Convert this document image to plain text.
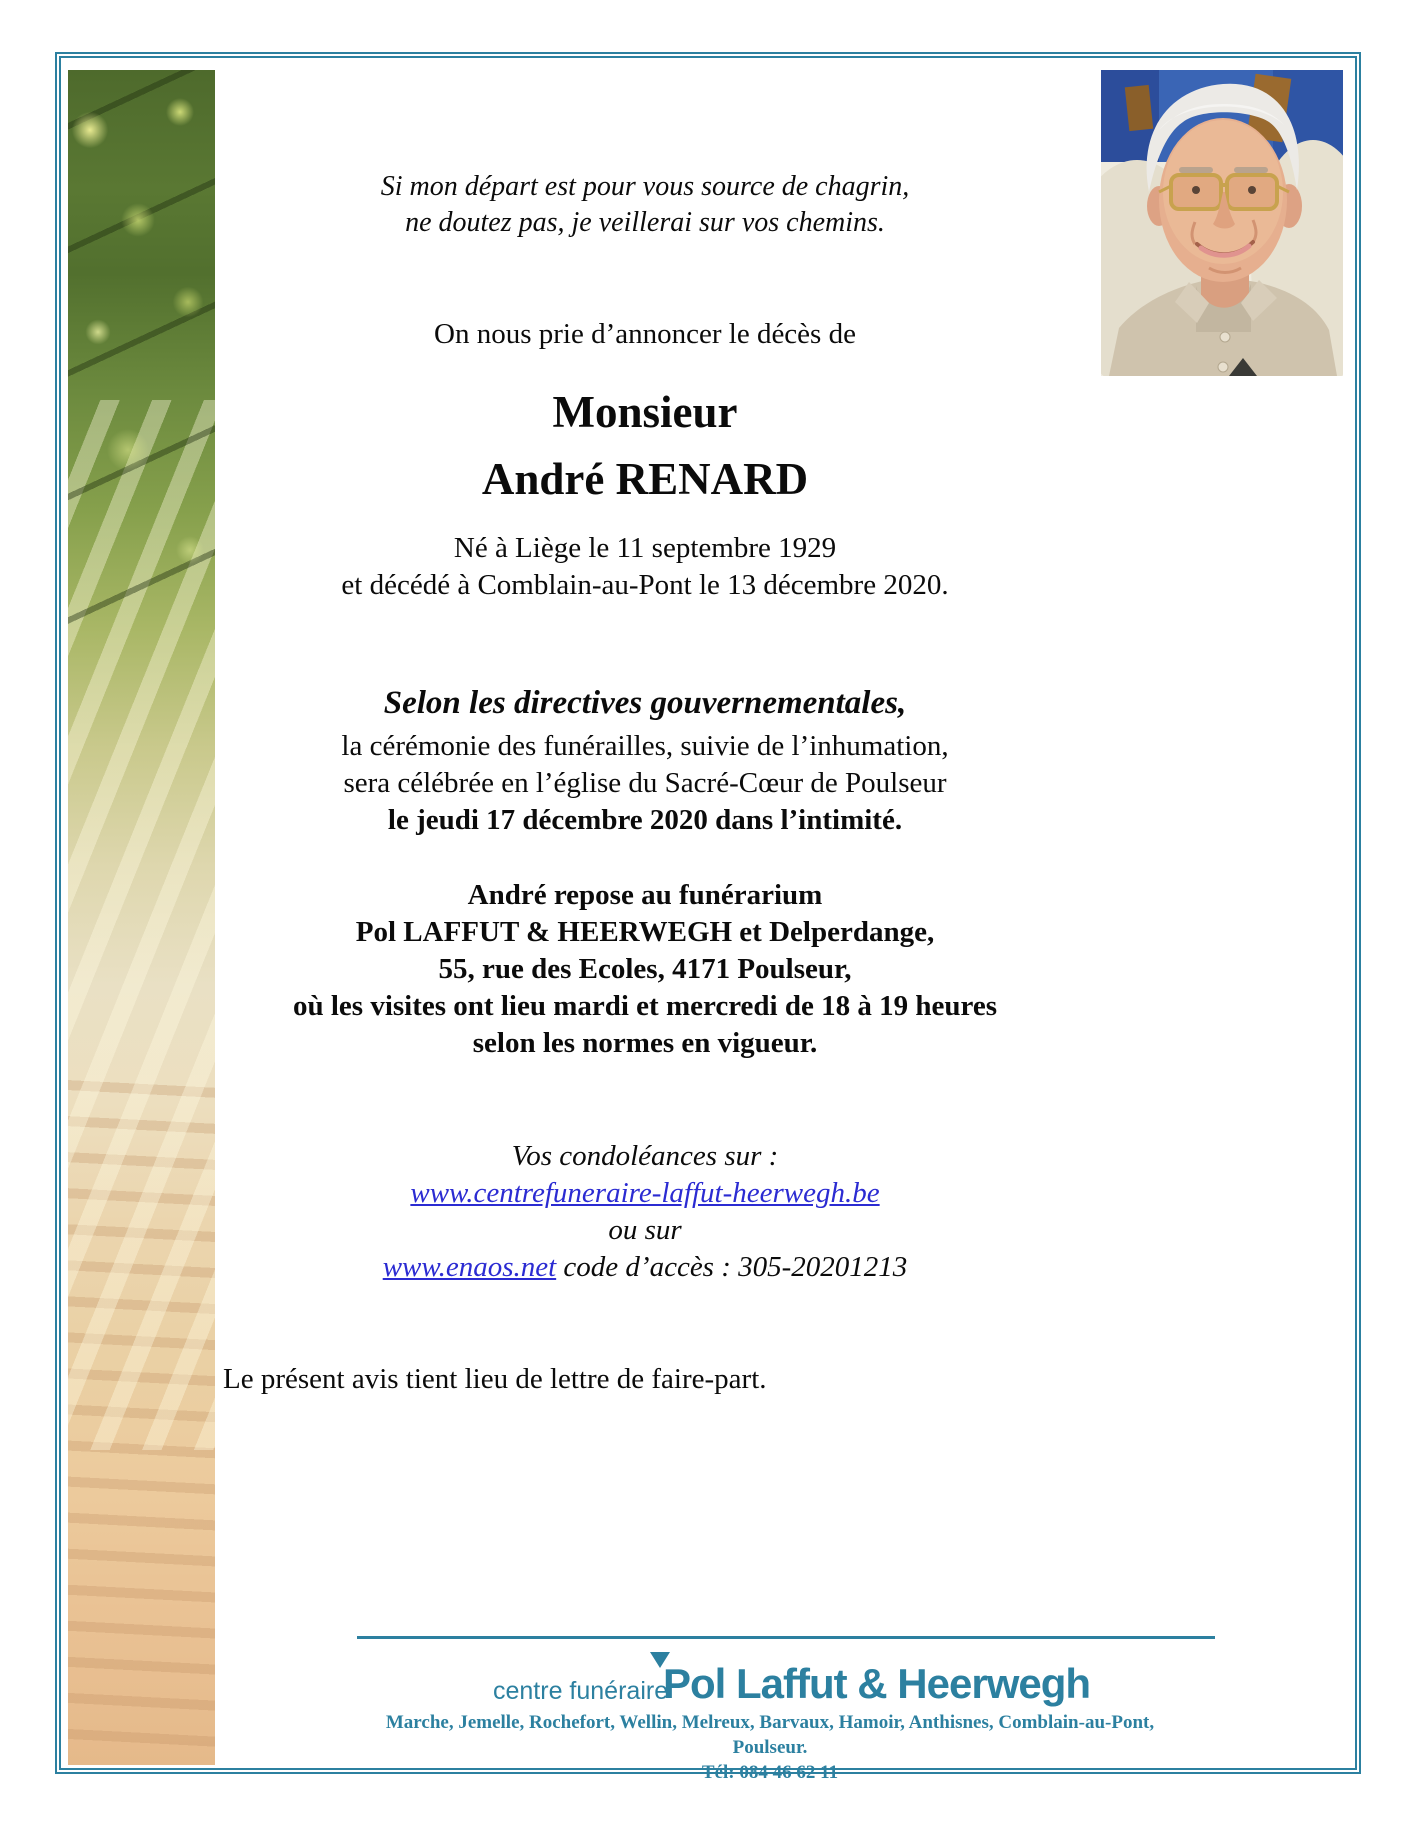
Si mon départ est pour vous source de chagrin,
ne doutez pas, je veillerai sur vos chemins.
On nous prie d’annoncer le décès de
Monsieur
André RENARD
Né à Liège le 11 septembre 1929
et décédé à Comblain-au-Pont le 13 décembre 2020.
Selon les directives gouvernementales,
la cérémonie des funérailles, suivie de l’inhumation,
sera célébrée en l’église du Sacré-Cœur de Poulseur
le jeudi 17 décembre 2020 dans l’intimité.
André repose au funérarium
Pol LAFFUT & HEERWEGH et Delperdange,
55, rue des Ecoles, 4171 Poulseur,
où les visites ont lieu mardi et mercredi de 18 à 19 heures
selon les normes en vigueur.
Vos condoléances sur :
www.centrefuneraire-laffut-heerwegh.be
ou sur
www.enaos.net code d’accès : 305-20201213
Le présent avis tient lieu de lettre de faire-part.
centre funéraire
Pol Laffut & Heerwegh
Marche, Jemelle, Rochefort, Wellin, Melreux, Barvaux, Hamoir, Anthisnes, Comblain-au-Pont, Poulseur.
Tél: 084 46 62 11
